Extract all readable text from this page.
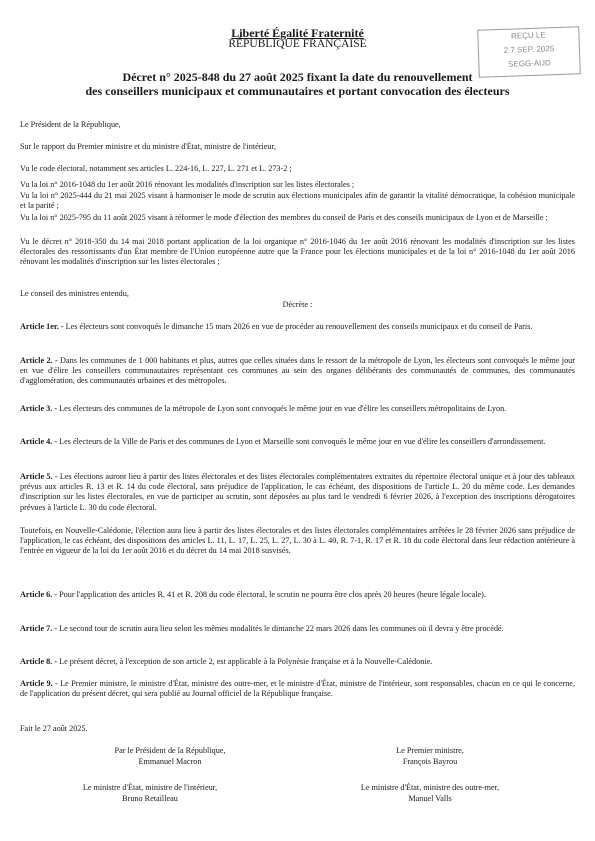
Liberté Égalité Fraternité
RÉPUBLIQUE FRANÇAISE
REÇU LE
2 7 SEP. 2025
SEGG-AUD
Décret n° 2025-848 du 27 août 2025 fixant la date du renouvellement
des conseillers municipaux et communautaires et portant convocation des électeurs
Le Président de la République,
Sur le rapport du Premier ministre et du ministre d'État, ministre de l'intérieur,
Vu le code électoral, notamment ses articles L. 224-16, L. 227, L. 271 et L. 273-2 ;
Vu la loi n° 2016-1048 du 1er août 2016 rénovant les modalités d'inscription sur les listes électorales ;
Vu la loi n° 2025-444 du 21 mai 2025 visant à harmoniser le mode de scrutin aux élections municipales afin de garantir la vitalité démocratique, la cohésion municipale et la parité ;
Vu la loi n° 2025-795 du 11 août 2025 visant à réformer le mode d'élection des membres du conseil de Paris et des conseils municipaux de Lyon et de Marseille ;
Vu le décret n° 2018-350 du 14 mai 2018 portant application de la loi organique n° 2016-1046 du 1er août 2016 rénovant les modalités d'inscription sur les listes électorales des ressortissants d'un État membre de l'Union européenne autre que la France pour les élections municipales et de la loi n° 2016-1048 du 1er août 2016 rénovant les modalités d'inscription sur les listes électorales ;
Le conseil des ministres entendu,
Décrète :
Article 1er. - Les électeurs sont convoqués le dimanche 15 mars 2026 en vue de procéder au renouvellement des conseils municipaux et du conseil de Paris.
Article 2. - Dans les communes de 1 000 habitants et plus, autres que celles situées dans le ressort de la métropole de Lyon, les électeurs sont convoqués le même jour en vue d'élire les conseillers communautaires représentant ces communes au sein des organes délibérants des communautés de communes, des communautés d'agglomération, des communautés urbaines et des métropoles.
Article 3. - Les électeurs des communes de la métropole de Lyon sont convoqués le même jour en vue d'élire les conseillers métropolitains de Lyon.
Article 4. - Les électeurs de la Ville de Paris et des communes de Lyon et Marseille sont convoqués le même jour en vue d'élire les conseillers d'arrondissement.
Article 5. - Les élections auront lieu à partir des listes électorales et des listes électorales complémentaires extraites du répertoire électoral unique et à jour des tableaux prévus aux articles R. 13 et R. 14 du code électoral, sans préjudice de l'application, le cas échéant, des dispositions de l'article L. 20 du même code. Les demandes d'inscription sur les listes électorales, en vue de participer au scrutin, sont déposées au plus tard le vendredi 6 février 2026, à l'exception des inscriptions dérogatoires prévues à l'article L. 30 du code électoral.
Toutefois, en Nouvelle-Calédonie, l'élection aura lieu à partir des listes électorales et des listes électorales complémentaires arrêtées le 28 février 2026 sans préjudice de l'application, le cas échéant, des dispositions des articles L. 11, L. 17, L. 25, L. 27, L. 30 à L. 40, R. 7-1, R. 17 et R. 18 du code électoral dans leur rédaction antérieure à l'entrée en vigueur de la loi du 1er août 2016 et du décret du 14 mai 2018 susvisés.
Article 6. - Pour l'application des articles R. 41 et R. 208 du code électoral, le scrutin ne pourra être clos après 20 heures (heure légale locale).
Article 7. - Le second tour de scrutin aura lieu selon les mêmes modalités le dimanche 22 mars 2026 dans les communes où il devra y être procédé.
Article 8. - Le présent décret, à l'exception de son article 2, est applicable à la Polynésie française et à la Nouvelle-Calédonie.
Article 9. - Le Premier ministre, le ministre d'État, ministre des outre-mer, et le ministre d'État, ministre de l'intérieur, sont responsables, chacun en ce qui le concerne, de l'application du présent décret, qui sera publié au Journal officiel de la République française.
Fait le 27 août 2025.
Par le Président de la République,
Emmanuel Macron
Le Premier ministre,
François Bayrou
Le ministre d'État, ministre de l'intérieur,
Bruno Retailleau
Le ministre d'État, ministre des outre-mer,
Manuel Valls
